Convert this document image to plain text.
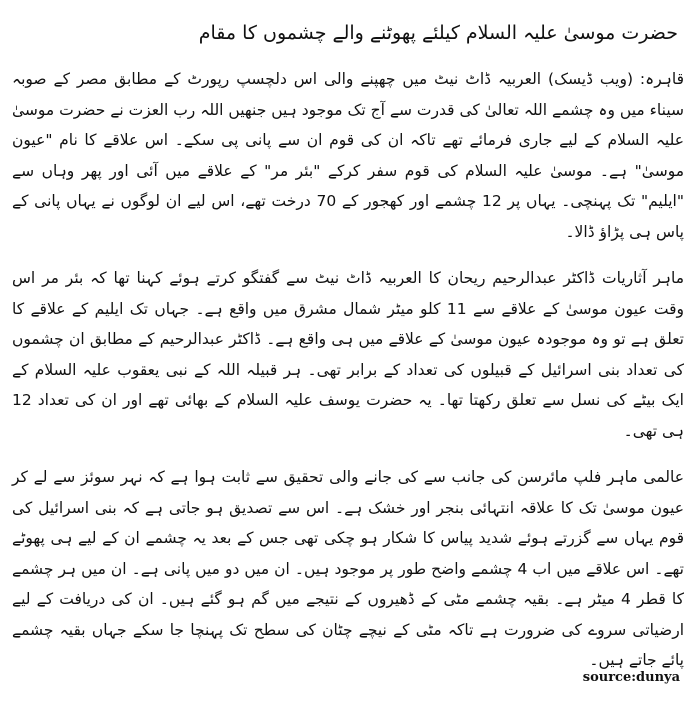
حضرت موسیٰ علیہ السلام کیلئے پھوٹنے والے چشموں کا مقام
قاہرہ: (ویب ڈیسک) العربیہ ڈاٹ نیٹ میں چھپنے والی اس دلچسپ رپورٹ کے مطابق مصر کے صوبہ سیناء میں وہ چشمے اللہ تعالیٰ کی قدرت سے آج تک موجود ہیں جنھیں اللہ رب العزت نے حضرت موسیٰ علیہ السلام کے لیے جاری فرمائے تھے تاکہ ان کی قوم ان سے پانی پی سکے۔ اس علاقے کا نام "عیون موسیٰ" ہے۔ موسیٰ علیہ السلام کی قوم سفر کرکے "بئر مر" کے علاقے میں آئی اور پھر وہاں سے "ایلیم" تک پہنچی۔ یہاں پر 12 چشمے اور کھجور کے 70 درخت تھے، اس لیے ان لوگوں نے یہاں پانی کے پاس ہی پڑاؤ ڈالا۔
ماہر آثاریات ڈاکٹر عبدالرحیم ریحان کا العربیہ ڈاٹ نیٹ سے گفتگو کرتے ہوئے کہنا تھا کہ بئر مر اس وقت عیون موسیٰ کے علاقے سے 11 کلو میٹر شمال مشرق میں واقع ہے۔ جہاں تک ایلیم کے علاقے کا تعلق ہے تو وہ موجودہ عیون موسیٰ کے علاقے میں ہی واقع ہے۔ ڈاکٹر عبدالرحیم کے مطابق ان چشموں کی تعداد بنی اسرائیل کے قبیلوں کی تعداد کے برابر تھی۔ ہر قبیلہ اللہ کے نبی یعقوب علیہ السلام کے ایک بیٹے کی نسل سے تعلق رکھتا تھا۔ یہ حضرت یوسف علیہ السلام کے بھائی تھے اور ان کی تعداد 12 ہی تھی۔
عالمی ماہر فلپ مائرسن کی جانب سے کی جانے والی تحقیق سے ثابت ہوا ہے کہ نہر سوئز سے لے کر عیون موسیٰ تک کا علاقہ انتہائی بنجر اور خشک ہے۔ اس سے تصدیق ہو جاتی ہے کہ بنی اسرائیل کی قوم یہاں سے گزرتے ہوئے شدید پیاس کا شکار ہو چکی تھی جس کے بعد یہ چشمے ان کے لیے ہی پھوٹے تھے۔ اس علاقے میں اب 4 چشمے واضح طور پر موجود ہیں۔ ان میں دو میں پانی ہے۔ ان میں ہر چشمے کا قطر 4 میٹر ہے۔ بقیہ چشمے مٹی کے ڈھیروں کے نتیجے میں گم ہو گئے ہیں۔ ان کی دریافت کے لیے ارضیاتی سروے کی ضرورت ہے تاکہ مٹی کے نیچے چٹان کی سطح تک پہنچا جا سکے جہاں بقیہ چشمے پائے جاتے ہیں۔
source:dunya
